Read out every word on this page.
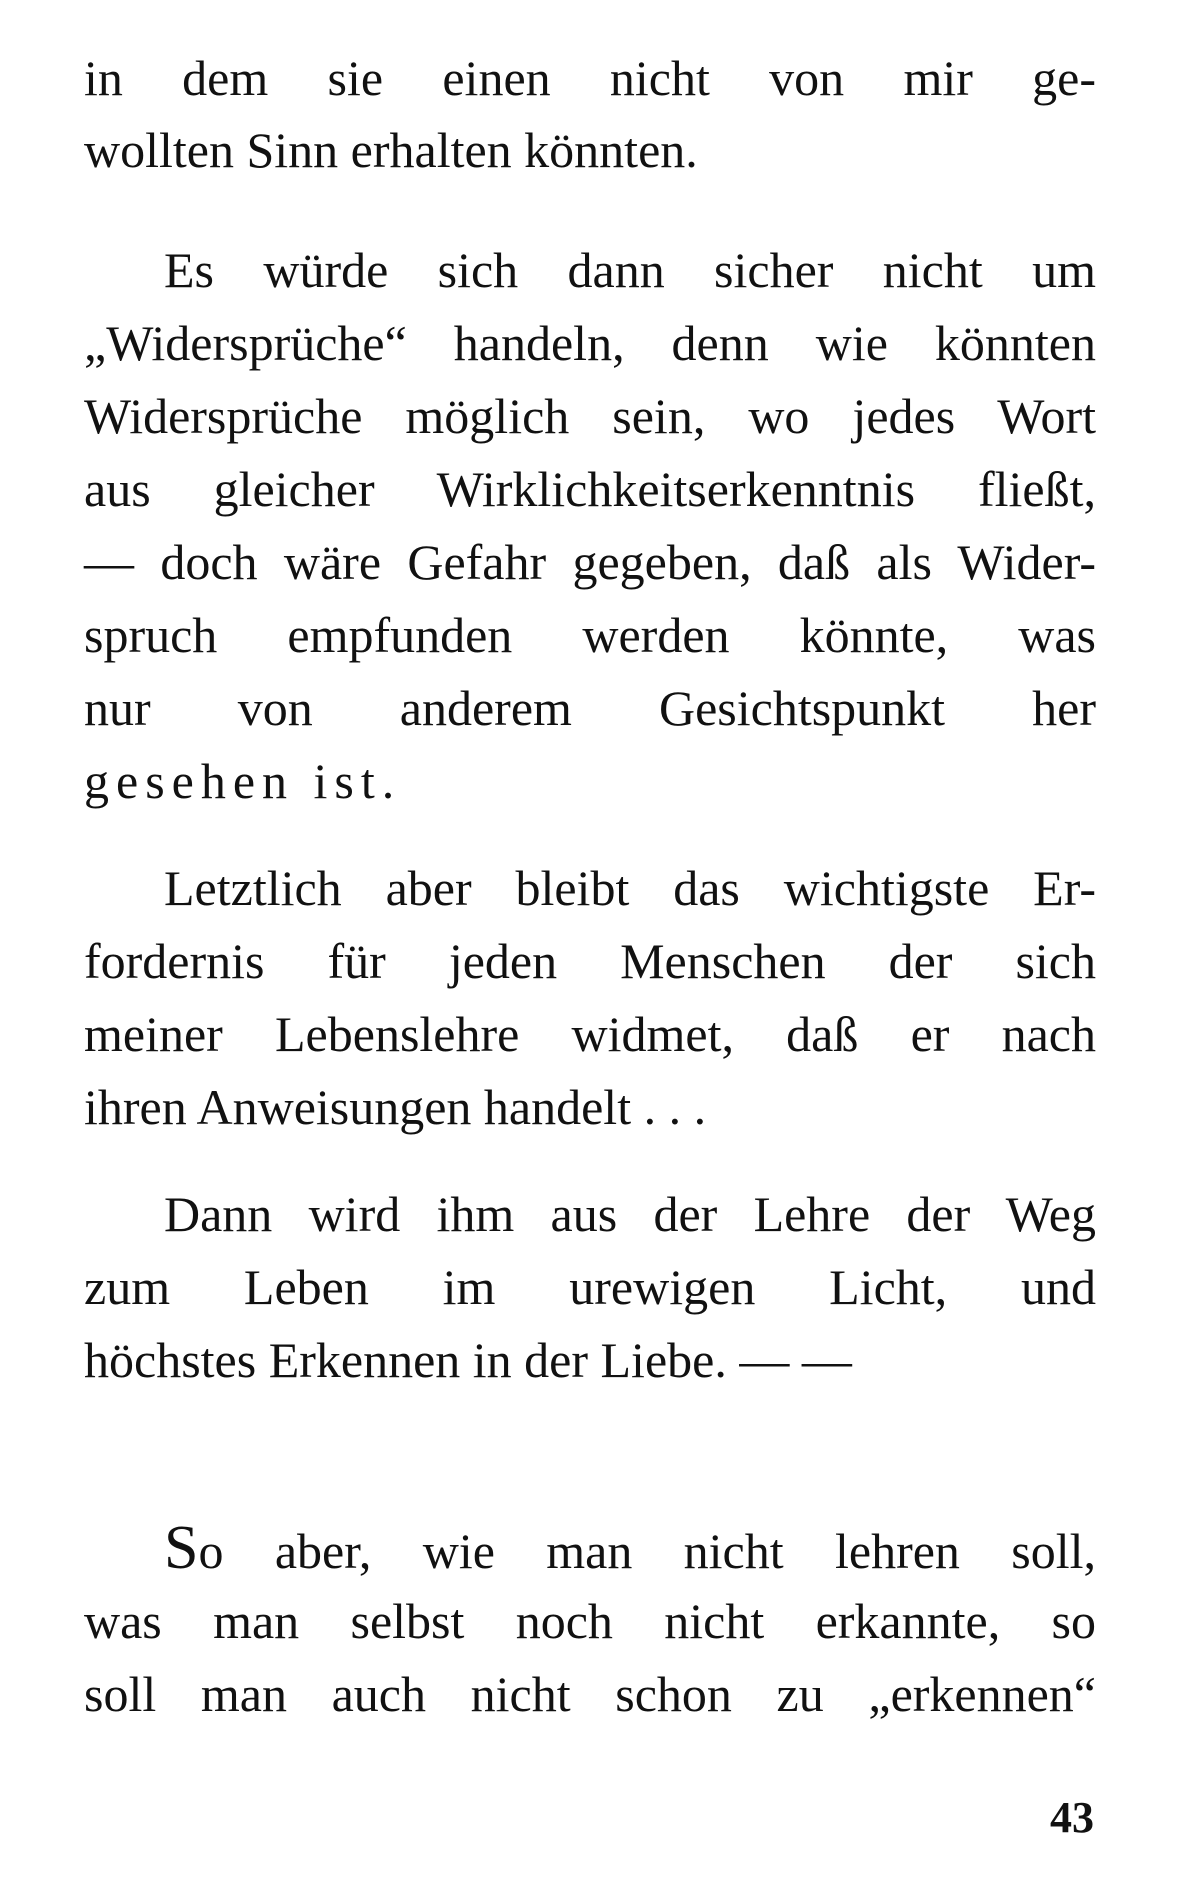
in dem sie einen nicht von mir ge-
wollten Sinn erhalten könnten.
Es würde sich dann sicher nicht um
„Widersprüche“ handeln, denn wie könnten
Widersprüche möglich sein, wo jedes Wort
aus gleicher Wirklichkeitserkenntnis fließt,
— doch wäre Gefahr gegeben, daß als Wider-
spruch empfunden werden könnte, was
nur von anderem Gesichtspunkt her
gesehen ist.
Letztlich aber bleibt das wichtigste Er-
fordernis für jeden Menschen der sich
meiner Lebenslehre widmet, daß er nach
ihren Anweisungen handelt . . .
Dann wird ihm aus der Lehre der Weg
zum Leben im urewigen Licht, und
höchstes Erkennen in der Liebe. — —
So aber, wie man nicht lehren soll,
was man selbst noch nicht erkannte, so
soll man auch nicht schon zu „erkennen“
43
